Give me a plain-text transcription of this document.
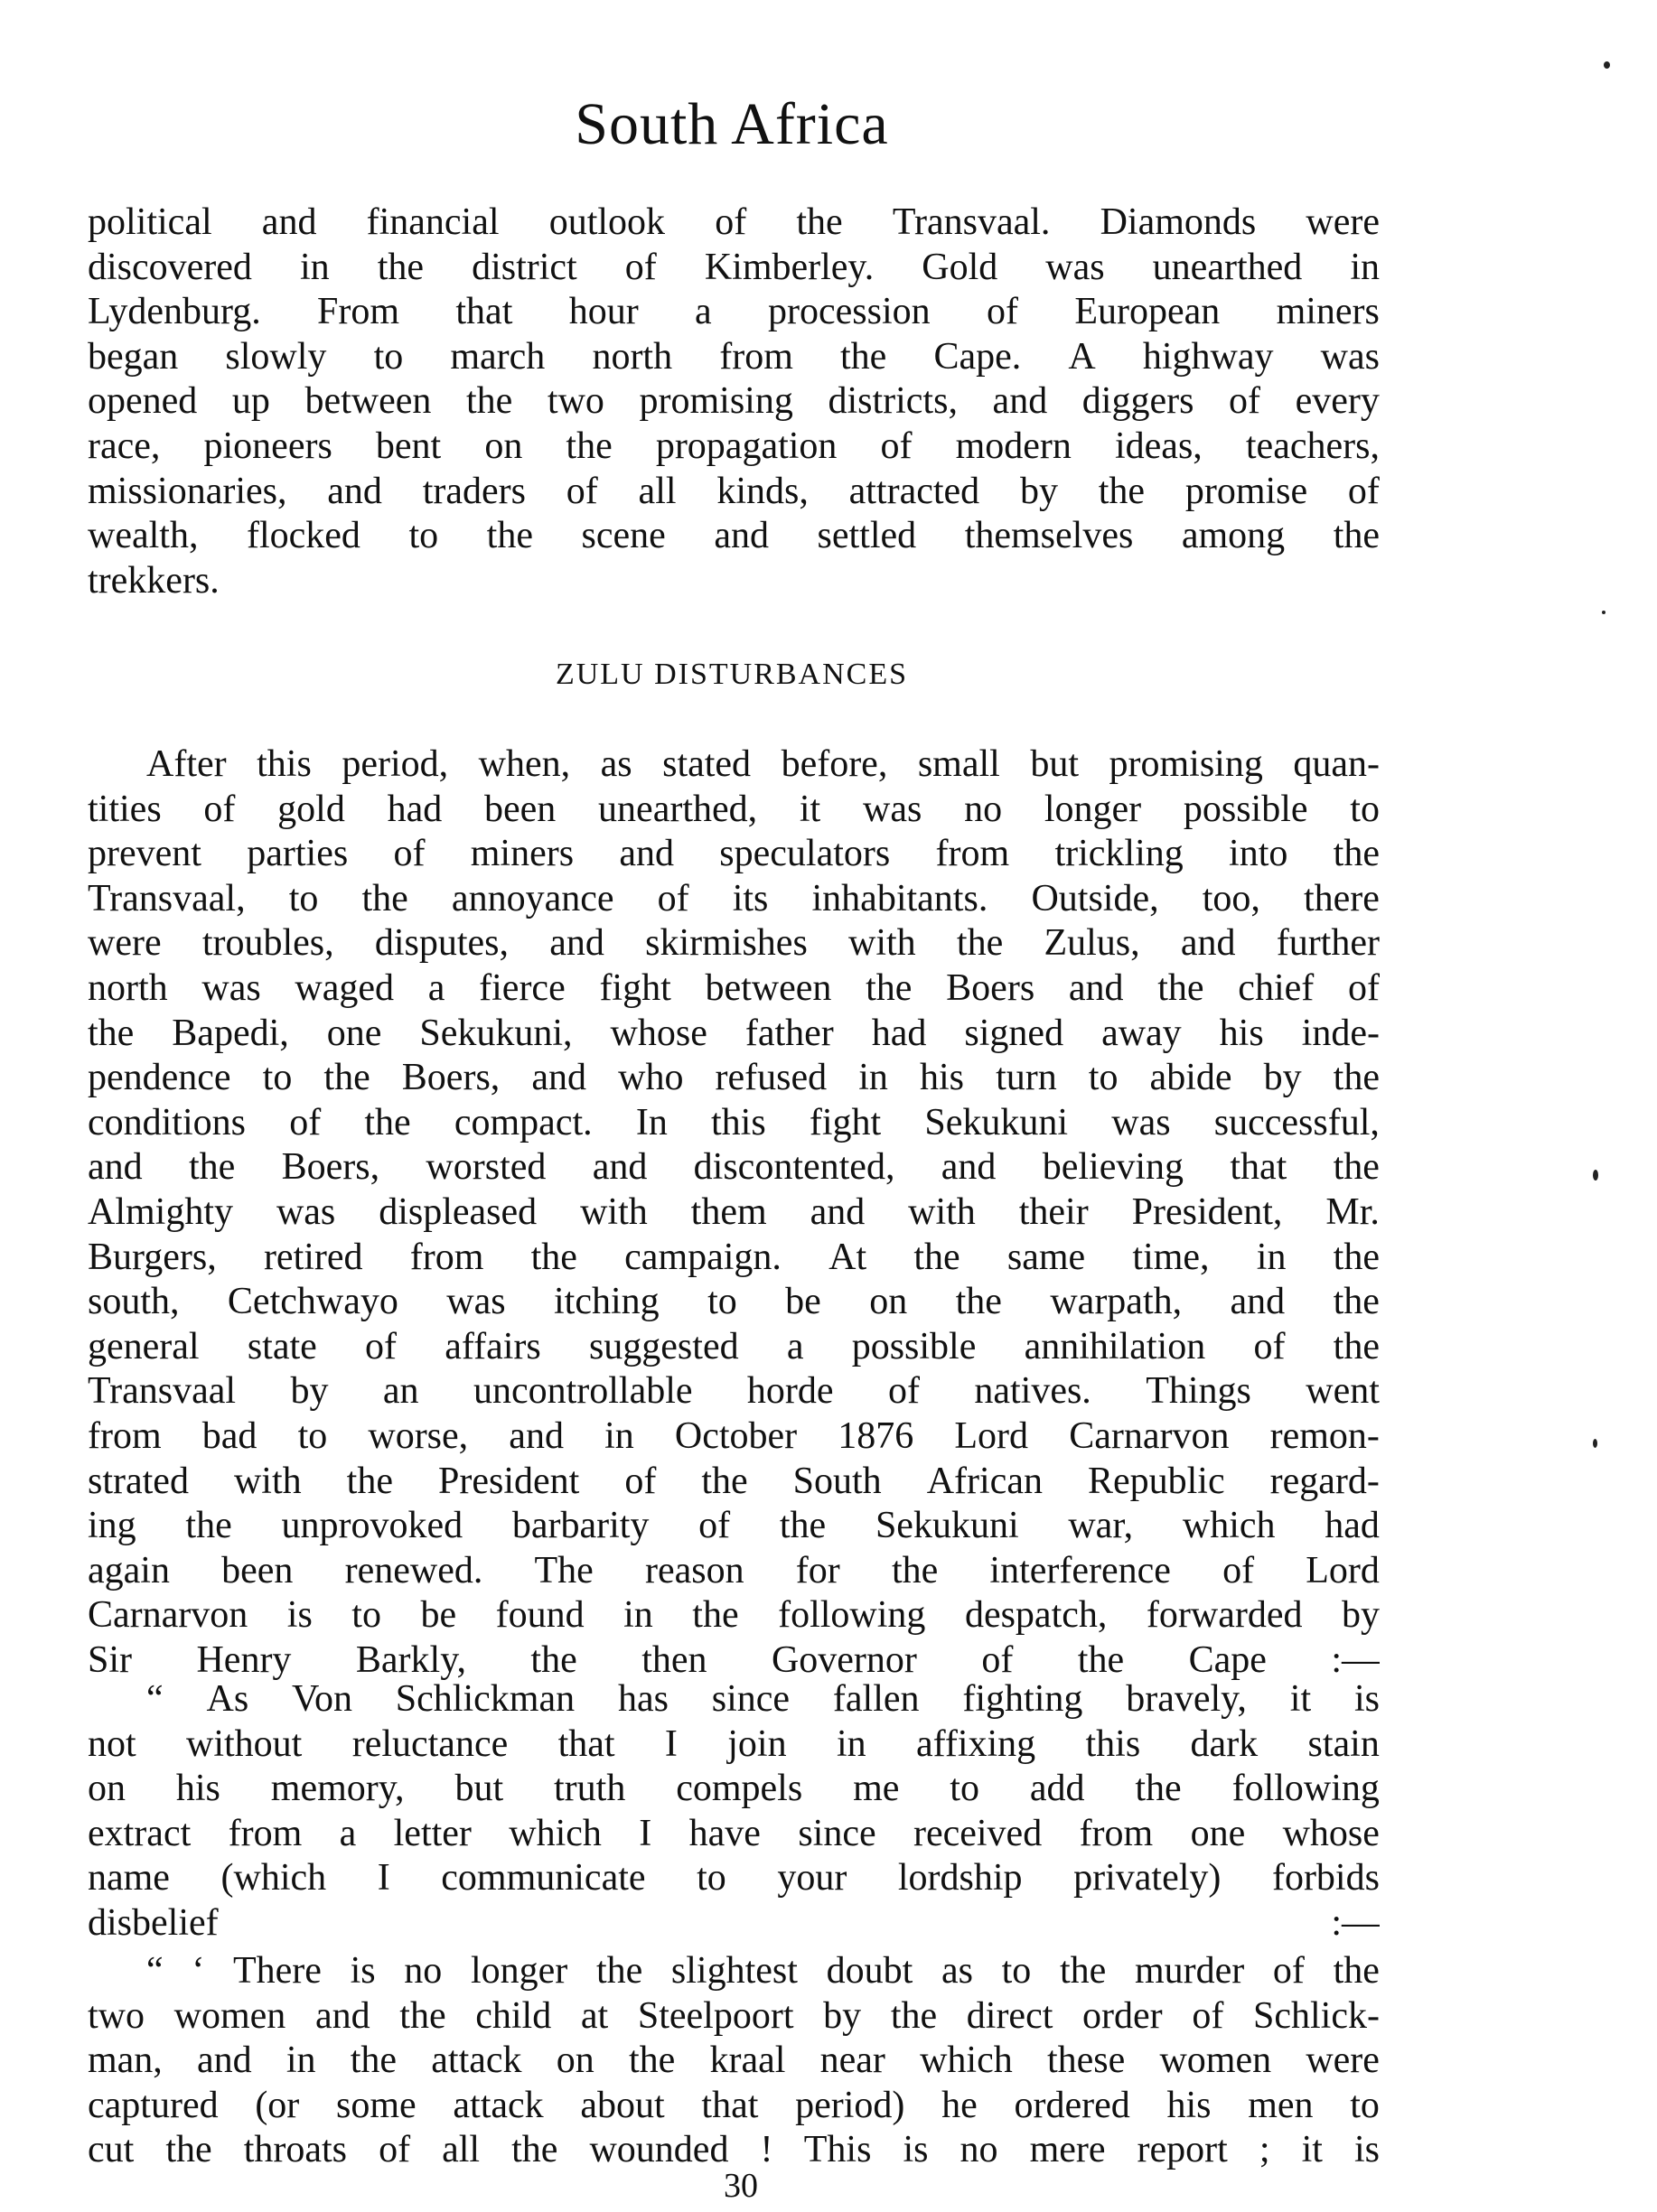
South Africa
political and financial outlook of the Transvaal. Diamonds were
discovered in the district of Kimberley. Gold was unearthed in
Lydenburg. From that hour a procession of European miners
began slowly to march north from the Cape. A highway was
opened up between the two promising districts, and diggers of every
race, pioneers bent on the propagation of modern ideas, teachers,
missionaries, and traders of all kinds, attracted by the promise of
wealth, flocked to the scene and settled themselves among the
trekkers.
ZULU DISTURBANCES
After this period, when, as stated before, small but promising quan-
tities of gold had been unearthed, it was no longer possible to
prevent parties of miners and speculators from trickling into the
Transvaal, to the annoyance of its inhabitants. Outside, too, there
were troubles, disputes, and skirmishes with the Zulus, and further
north was waged a fierce fight between the Boers and the chief of
the Bapedi, one Sekukuni, whose father had signed away his inde-
pendence to the Boers, and who refused in his turn to abide by the
conditions of the compact. In this fight Sekukuni was successful,
and the Boers, worsted and discontented, and believing that the
Almighty was displeased with them and with their President, Mr.
Burgers, retired from the campaign. At the same time, in the
south, Cetchwayo was itching to be on the warpath, and the
general state of affairs suggested a possible annihilation of the
Transvaal by an uncontrollable horde of natives. Things went
from bad to worse, and in October 1876 Lord Carnarvon remon-
strated with the President of the South African Republic regard-
ing the unprovoked barbarity of the Sekukuni war, which had
again been renewed. The reason for the interference of Lord
Carnarvon is to be found in the following despatch, forwarded by
Sir Henry Barkly, the then Governor of the Cape :—
“ As Von Schlickman has since fallen fighting bravely, it is
not without reluctance that I join in affixing this dark stain
on his memory, but truth compels me to add the following
extract from a letter which I have since received from one whose
name (which I communicate to your lordship privately) forbids
disbelief :—
“ ‘ There is no longer the slightest doubt as to the murder of the
two women and the child at Steelpoort by the direct order of Schlick-
man, and in the attack on the kraal near which these women were
captured (or some attack about that period) he ordered his men to
cut the throats of all the wounded ! This is no mere report ; it is
30
